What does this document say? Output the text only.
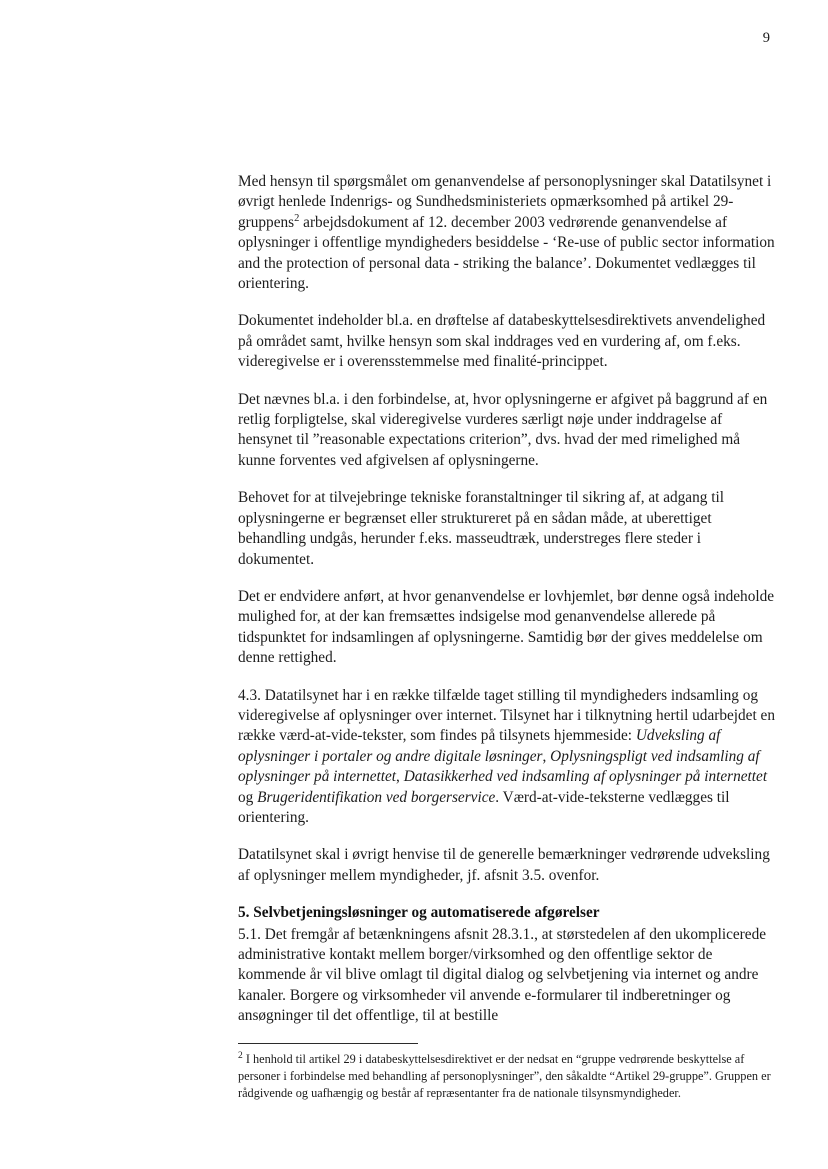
9

Med hensyn til spørgsmålet om genanvendelse af personoplysninger skal Datatilsynet i øvrigt henlede Indenrigs- og Sundhedsministeriets opmærksomhed på artikel 29-gruppens$^2$ arbejdsdokument af 12. december 2003 vedrørende genanvendelse af oplysninger i offentlige myndigheders besiddelse - ‘Re-use of public sector information and the protection of personal data - striking the balance’. Dokumentet vedlægges til orientering.

Dokumentet indeholder bl.a. en drøftelse af databeskyttelsesdirektivets anvendelighed på området samt, hvilke hensyn som skal inddrages ved en vurdering af, om f.eks. videregivelse er i overensstemmelse med finalité-princippet.

Det nævnes bl.a. i den forbindelse, at, hvor oplysningerne er afgivet på baggrund af en retlig forpligtelse, skal videregivelse vurderes særligt nøje under inddragelse af hensynet til ”reasonable expectations criterion”, dvs. hvad der med rimelighed må kunne forventes ved afgivelsen af oplysningerne.

Behovet for at tilvejebringe tekniske foranstaltninger til sikring af, at adgang til oplysningerne er begrænset eller struktureret på en sådan måde, at uberettiget behandling undgås, herunder f.eks. masseudtræk, understreges flere steder i dokumentet.

Det er endvidere anført, at hvor genanvendelse er lovhjemlet, bør denne også indeholde mulighed for, at der kan fremsættes indsigelse mod genanvendelse allerede på tidspunktet for indsamlingen af oplysningerne. Samtidig bør der gives meddelelse om denne rettighed.

4.3. Datatilsynet har i en række tilfælde taget stilling til myndigheders indsamling og videregivelse af oplysninger over internet. Tilsynet har i tilknytning hertil udarbejdet en række værd-at-vide-tekster, som findes på tilsynets hjemmeside: Udveksling af oplysninger i portaler og andre digitale løsninger, Oplysningspligt ved indsamling af oplysninger på internettet, Datasikkerhed ved indsamling af oplysninger på internettet og Brugeridentifikation ved borgerservice. Værd-at-vide-teksterne vedlægges til orientering.

Datatilsynet skal i øvrigt henvise til de generelle bemærkninger vedrørende udveksling af oplysninger mellem myndigheder, jf. afsnit 3.5. ovenfor.

5. Selvbetjeningsløsninger og automatiserede afgørelser

5.1. Det fremgår af betænkningens afsnit 28.3.1., at størstedelen af den ukomplicerede administrative kontakt mellem borger/virksomhed og den offentlige sektor de kommende år vil blive omlagt til digital dialog og selvbetjening via internet og andre kanaler. Borgere og virksomheder vil anvende e-formularer til indberetninger og ansøgninger til det offentlige, til at bestille

$^2$ I henhold til artikel 29 i databeskyttelsesdirektivet er der nedsat en “gruppe vedrørende beskyttelse af personer i forbindelse med behandling af personoplysninger”, den såkaldte “Artikel 29-gruppe”. Gruppen er rådgivende og uafhængig og består af repræsentanter fra de nationale tilsynsmyndigheder.
